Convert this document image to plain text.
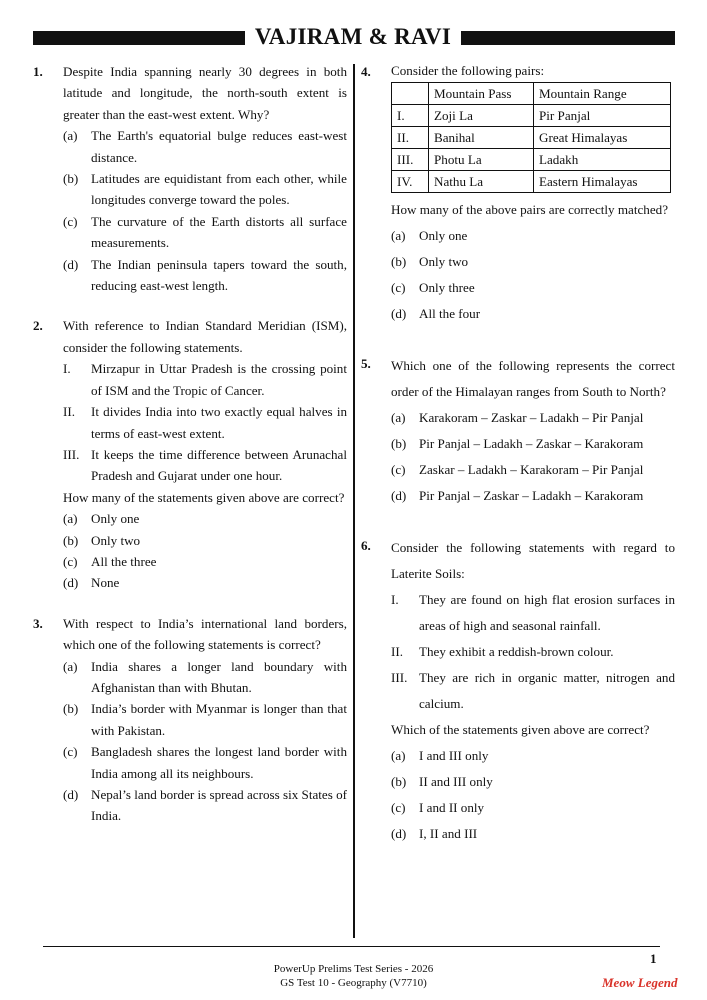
VAJIRAM & RAVI
1. Despite India spanning nearly 30 degrees in both latitude and longitude, the north-south extent is greater than the east-west extent. Why?
(a) The Earth's equatorial bulge reduces east-west distance.
(b) Latitudes are equidistant from each other, while longitudes converge toward the poles.
(c) The curvature of the Earth distorts all surface measurements.
(d) The Indian peninsula tapers toward the south, reducing east-west length.
2. With reference to Indian Standard Meridian (ISM), consider the following statements.
I. Mirzapur in Uttar Pradesh is the crossing point of ISM and the Tropic of Cancer.
II. It divides India into two exactly equal halves in terms of east-west extent.
III. It keeps the time difference between Arunachal Pradesh and Gujarat under one hour.
How many of the statements given above are correct?
(a) Only one
(b) Only two
(c) All the three
(d) None
3. With respect to India’s international land borders, which one of the following statements is correct?
(a) India shares a longer land boundary with Afghanistan than with Bhutan.
(b) India’s border with Myanmar is longer than that with Pakistan.
(c) Bangladesh shares the longest land border with India among all its neighbours.
(d) Nepal’s land border is spread across six States of India.
4. Consider the following pairs:
	Mountain Pass	Mountain Range
I.	Zoji La	Pir Panjal
II.	Banihal	Great Himalayas
III.	Photu La	Ladakh
IV.	Nathu La	Eastern Himalayas
How many of the above pairs are correctly matched?
(a) Only one
(b) Only two
(c) Only three
(d) All the four
5. Which one of the following represents the correct order of the Himalayan ranges from South to North?
(a) Karakoram – Zaskar – Ladakh – Pir Panjal
(b) Pir Panjal – Ladakh – Zaskar – Karakoram
(c) Zaskar – Ladakh – Karakoram – Pir Panjal
(d) Pir Panjal – Zaskar – Ladakh – Karakoram
6. Consider the following statements with regard to Laterite Soils:
I. They are found on high flat erosion surfaces in areas of high and seasonal rainfall.
II. They exhibit a reddish-brown colour.
III. They are rich in organic matter, nitrogen and calcium.
Which of the statements given above are correct?
(a) I and III only
(b) II and III only
(c) I and II only
(d) I, II and III
1
PowerUp Prelims Test Series - 2026
GS Test 10 - Geography (V7710)	Meow Legend
